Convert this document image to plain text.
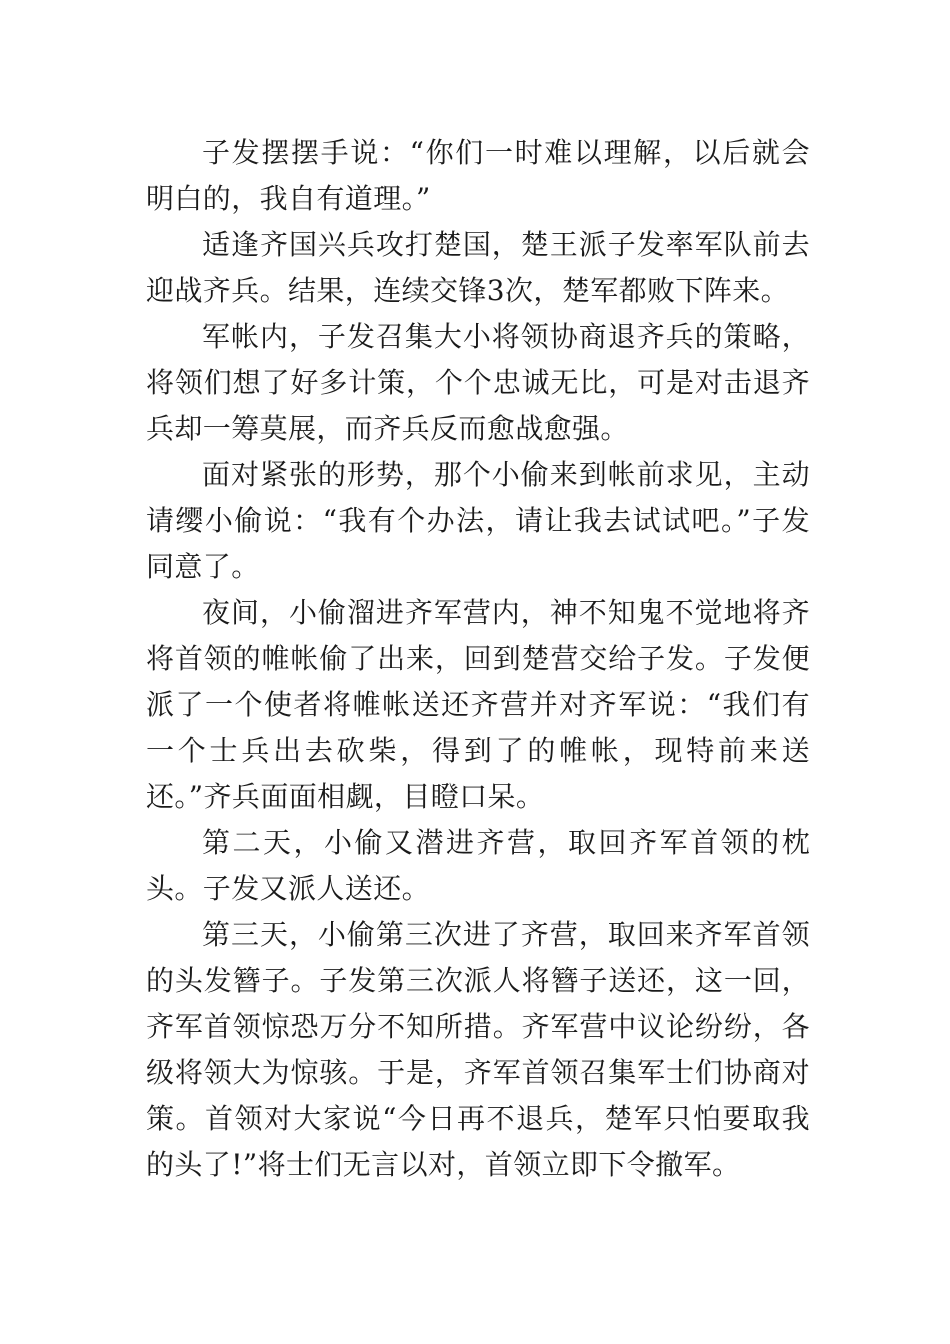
子发摆摆手说：“你们一时难以理解，以后就会明白的，我自有道理。”

适逢齐国兴兵攻打楚国，楚王派子发率军队前去迎战齐兵。结果，连续交锋3次，楚军都败下阵来。

军帐内，子发召集大小将领协商退齐兵的策略，将领们想了好多计策，个个忠诚无比，可是对击退齐兵却一筹莫展，而齐兵反而愈战愈强。

面对紧张的形势，那个小偷来到帐前求见，主动请缨小偷说：“我有个办法，请让我去试试吧。”子发同意了。

夜间，小偷溜进齐军营内，神不知鬼不觉地将齐将首领的帷帐偷了出来，回到楚营交给子发。子发便派了一个使者将帷帐送还齐营并对齐军说：“我们有一个士兵出去砍柴，得到了的帷帐，现特前来送还。”齐兵面面相觑，目瞪口呆。

第二天，小偷又潜进齐营，取回齐军首领的枕头。子发又派人送还。

第三天，小偷第三次进了齐营，取回来齐军首领的头发簪子。子发第三次派人将簪子送还，这一回，齐军首领惊恐万分不知所措。齐军营中议论纷纷，各级将领大为惊骇。于是，齐军首领召集军士们协商对策。首领对大家说“今日再不退兵，楚军只怕要取我的头了!”将士们无言以对，首领立即下令撤军。
